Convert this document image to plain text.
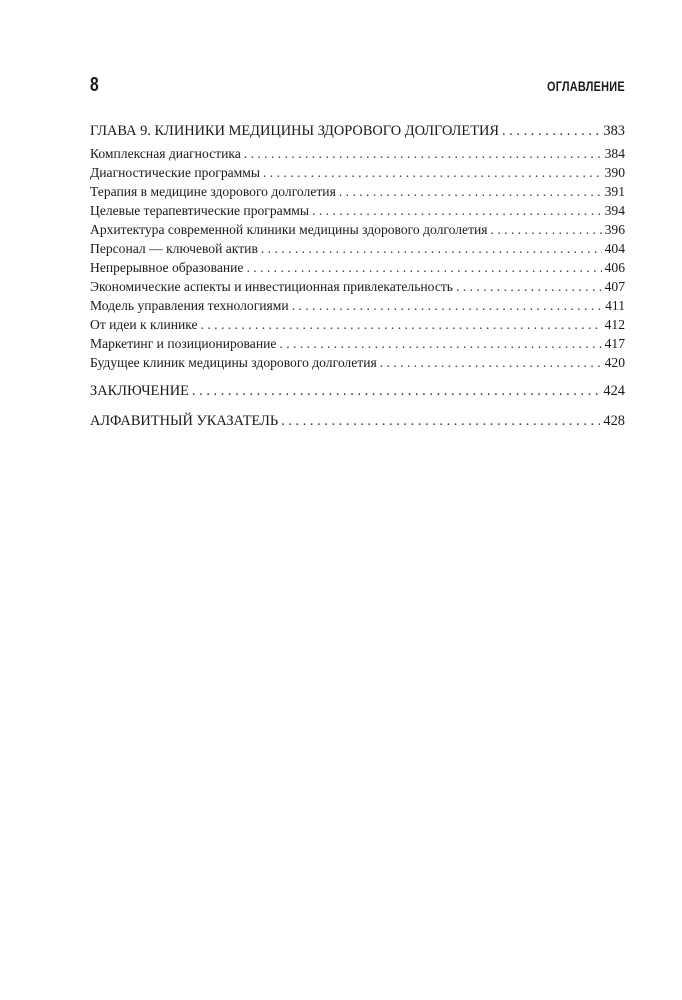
8	ОГЛАВЛЕНИЕ
ГЛАВА 9. КЛИНИКИ МЕДИЦИНЫ ЗДОРОВОГО ДОЛГОЛЕТИЯ . . .	383
Комплексная диагностика . . .	384
Диагностические программы . . .	390
Терапия в медицине здорового долголетия . . .	391
Целевые терапевтические программы . . .	394
Архитектура современной клиники медицины здорового долголетия . . .	396
Персонал — ключевой актив . . .	404
Непрерывное образование . . .	406
Экономические аспекты и инвестиционная привлекательность . . .	407
Модель управления технологиями . . .	411
От идеи к клинике . . .	412
Маркетинг и позиционирование . . .	417
Будущее клиник медицины здорового долголетия . . .	420
ЗАКЛЮЧЕНИЕ . . .	424
АЛФАВИТНЫЙ УКАЗАТЕЛЬ . . .	428
